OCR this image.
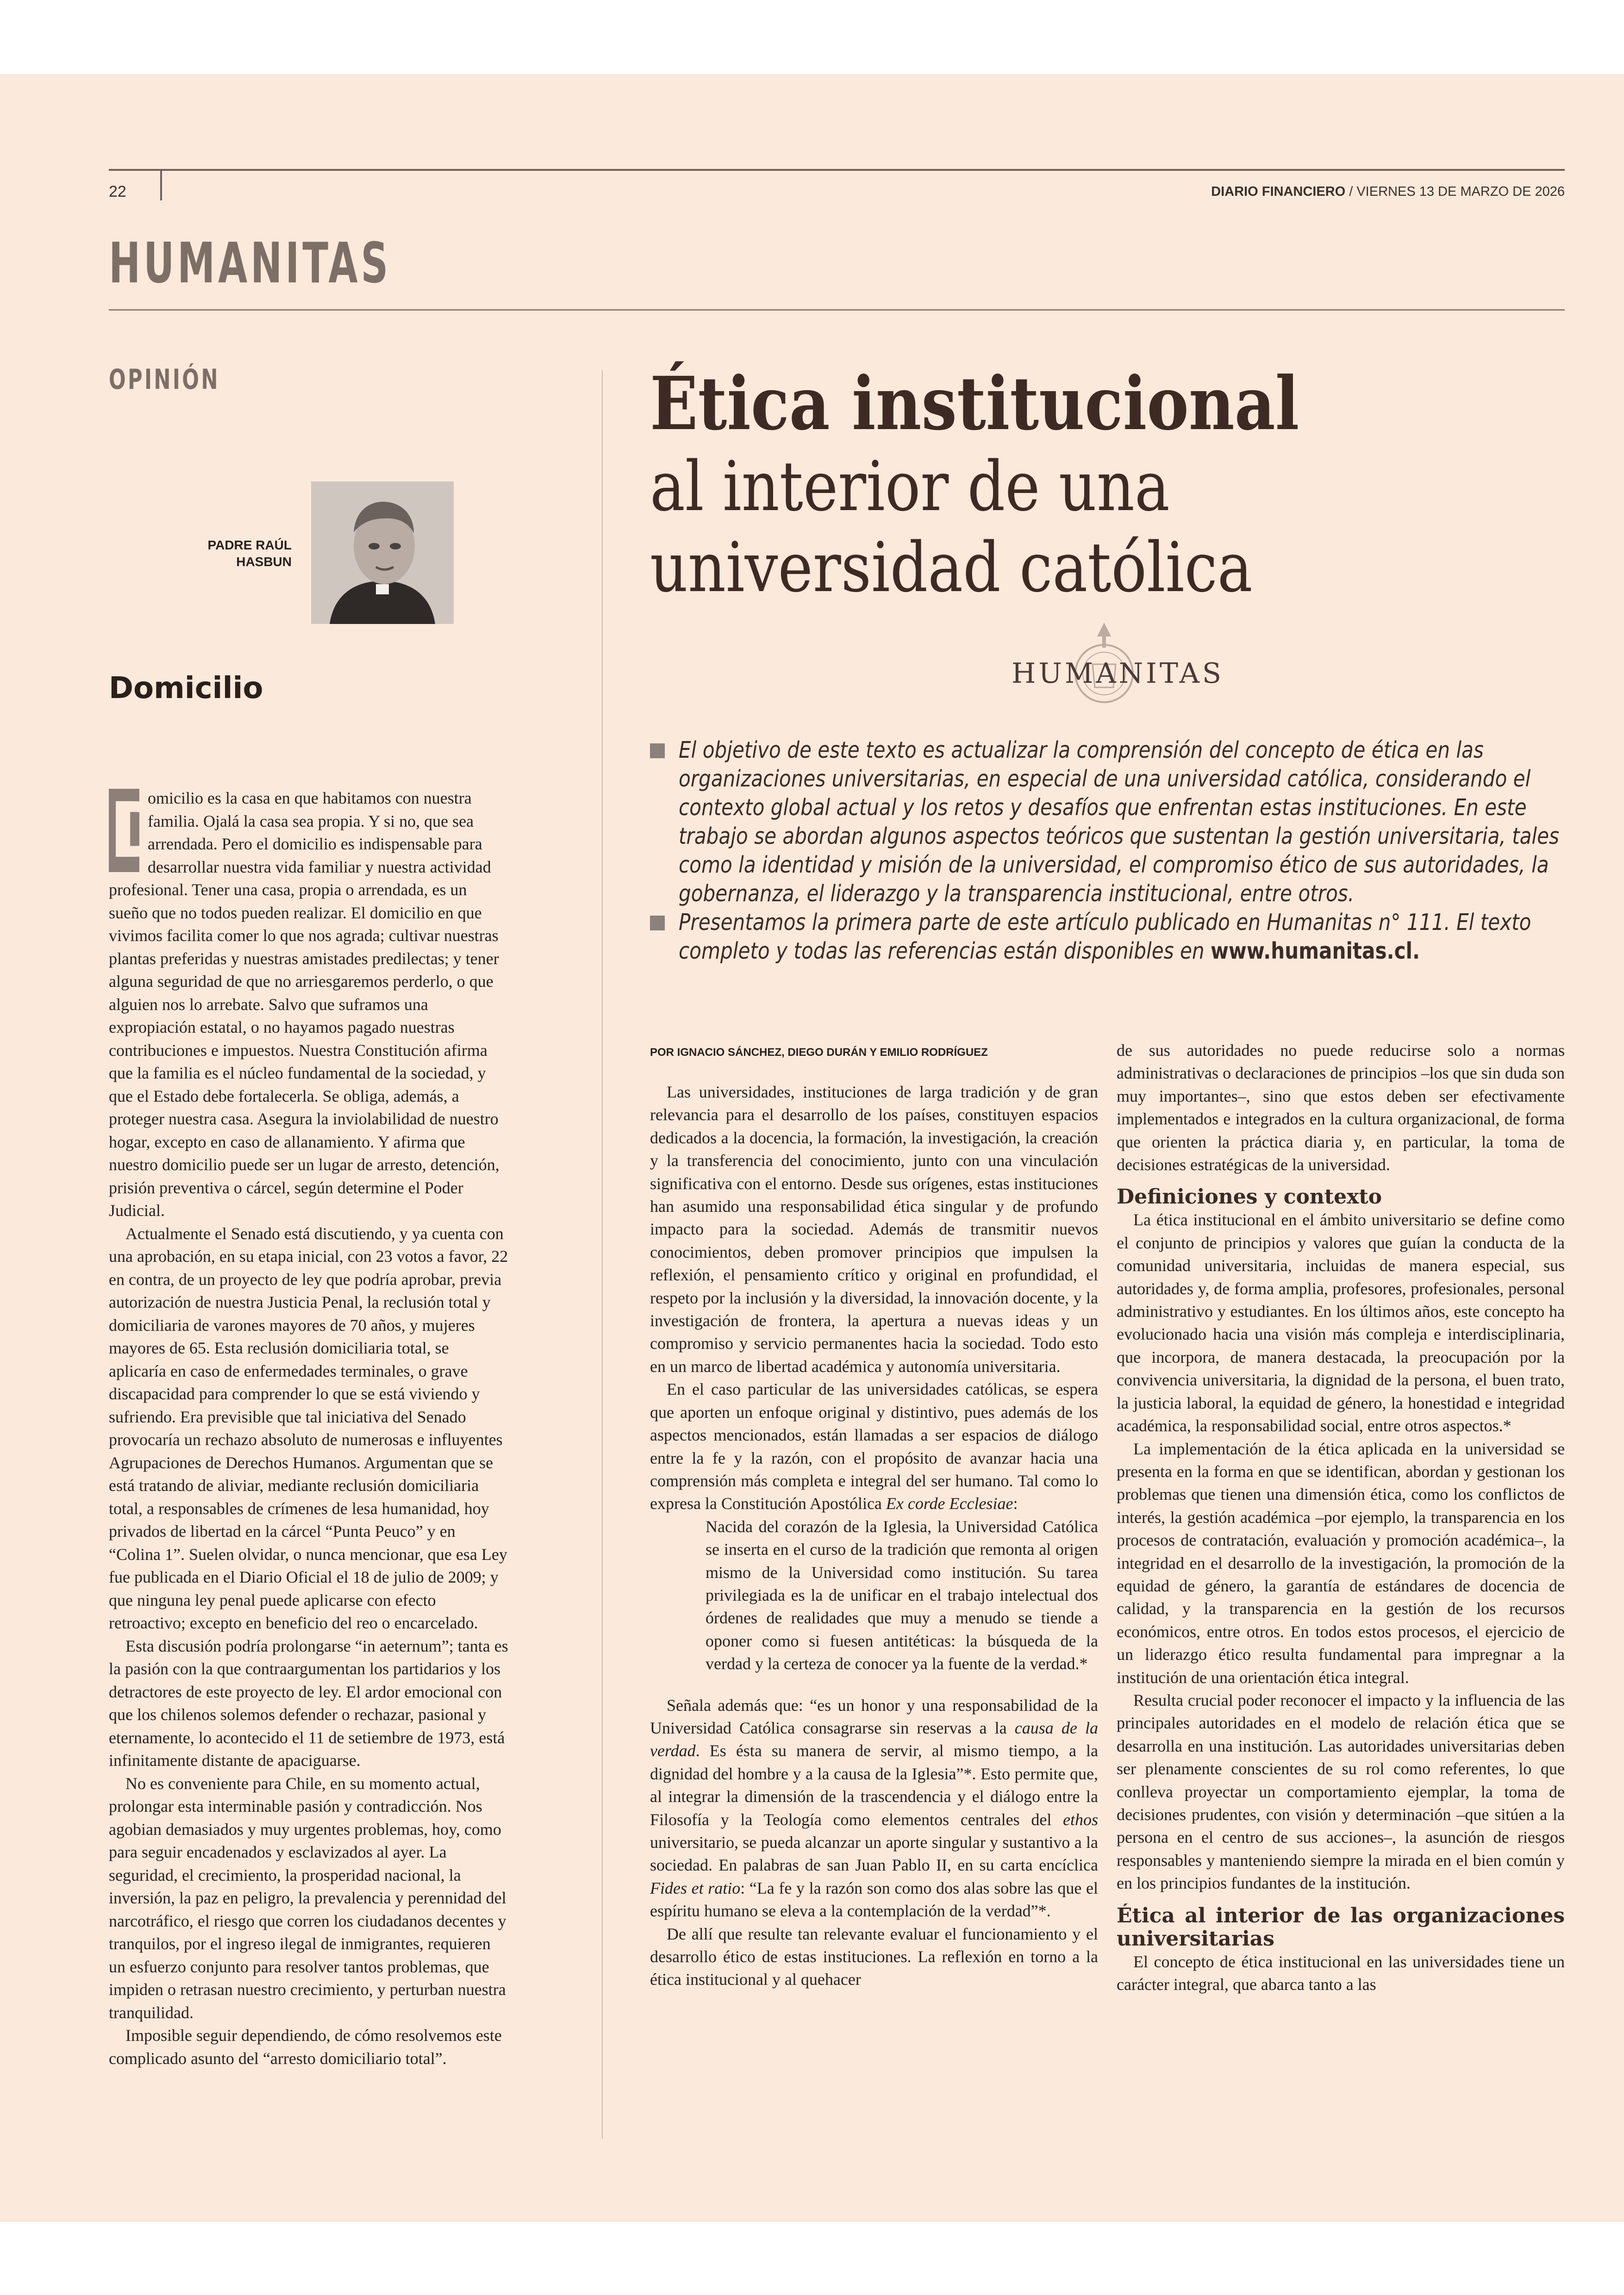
22	DIARIO FINANCIERO / VIERNES 13 DE MARZO DE 2026
HUMANITAS
OPINIÓN
PADRE RAÚL HASBUN
Domicilio

D
omicilio es la casa en que habitamos con nuestra familia. Ojalá la casa sea propia. Y si no, que sea arrendada. Pero el domicilio es indispensable para desarrollar nuestra vida familiar y nuestra actividad profesional. Tener una casa, propia o arrendada, es un sueño que no todos pueden realizar. El domicilio en que vivimos facilita comer lo que nos agrada; cultivar nuestras plantas preferidas y nuestras amistades predilectas; y tener alguna seguridad de que no arriesgaremos perderlo, o que alguien nos lo arrebate. Salvo que suframos una expropiación estatal, o no hayamos pagado nuestras contribuciones e impuestos. Nuestra Constitución afirma que la familia es el núcleo fundamental de la sociedad, y que el Estado debe fortalecerla. Se obliga, además, a proteger nuestra casa. Asegura la inviolabilidad de nuestro hogar, excepto en caso de allanamiento. Y afirma que nuestro domicilio puede ser un lugar de arresto, detención, prisión preventiva o cárcel, según determine el Poder Judicial.

Actualmente el Senado está discutiendo, y ya cuenta con una aprobación, en su etapa inicial, con 23 votos a favor, 22 en contra, de un proyecto de ley que podría aprobar, previa autorización de nuestra Justicia Penal, la reclusión total y domiciliaria de varones mayores de 70 años, y mujeres mayores de 65. Esta reclusión domiciliaria total, se aplicaría en caso de enfermedades terminales, o grave discapacidad para comprender lo que se está viviendo y sufriendo. Era previsible que tal iniciativa del Senado provocaría un rechazo absoluto de numerosas e influyentes Agrupaciones de Derechos Humanos. Argumentan que se está tratando de aliviar, mediante reclusión domiciliaria total, a responsables de crímenes de lesa humanidad, hoy privados de libertad en la cárcel “Punta Peuco” y en “Colina 1”. Suelen olvidar, o nunca mencionar, que esa Ley fue publicada en el Diario Oficial el 18 de julio de 2009; y que ninguna ley penal puede aplicarse con efecto retroactivo; excepto en beneficio del reo o encarcelado.

Esta discusión podría prolongarse “in aeternum”; tanta es la pasión con la que contraargumentan los partidarios y los detractores de este proyecto de ley. El ardor emocional con que los chilenos solemos defender o rechazar, pasional y eternamente, lo acontecido el 11 de setiembre de 1973, está infinitamente distante de apaciguarse.

No es conveniente para Chile, en su momento actual, prolongar esta interminable pasión y contradicción. Nos agobian demasiados y muy urgentes problemas, hoy, como para seguir encadenados y esclavizados al ayer. La seguridad, el crecimiento, la prosperidad nacional, la inversión, la paz en peligro, la prevalencia y perennidad del narcotráfico, el riesgo que corren los ciudadanos decentes y tranquilos, por el ingreso ilegal de inmigrantes, requieren un esfuerzo conjunto para resolver tantos problemas, que impiden o retrasan nuestro crecimiento, y perturban nuestra tranquilidad.

Imposible seguir dependiendo, de cómo resolvemos este complicado asunto del “arresto domiciliario total”.

Ética institucional
al interior de una
universidad católica
HUMANITAS
El objetivo de este texto es actualizar la comprensión del concepto de ética en las organizaciones universitarias, en especial de una universidad católica, considerando el contexto global actual y los retos y desafíos que enfrentan estas instituciones. En este trabajo se abordan algunos aspectos teóricos que sustentan la gestión universitaria, tales como la identidad y misión de la universidad, el compromiso ético de sus autoridades, la gobernanza, el liderazgo y la transparencia institucional, entre otros.
Presentamos la primera parte de este artículo publicado en Humanitas n° 111. El texto completo y todas las referencias están disponibles en www.humanitas.cl.
POR IGNACIO SÁNCHEZ, DIEGO DURÁN Y EMILIO RODRÍGUEZ

Las universidades, instituciones de larga tradición y de gran relevancia para el desarrollo de los países, constituyen espacios dedicados a la docencia, la formación, la investigación, la creación y la transferencia del conocimiento, junto con una vinculación significativa con el entorno. Desde sus orígenes, estas instituciones han asumido una responsabilidad ética singular y de profundo impacto para la sociedad. Además de transmitir nuevos conocimientos, deben promover principios que impulsen la reflexión, el pensamiento crítico y original en profundidad, el respeto por la inclusión y la diversidad, la innovación docente, y la investigación de frontera, la apertura a nuevas ideas y un compromiso y servicio permanentes hacia la sociedad. Todo esto en un marco de libertad académica y autonomía universitaria.

En el caso particular de las universidades católicas, se espera que aporten un enfoque original y distintivo, pues además de los aspectos mencionados, están llamadas a ser espacios de diálogo entre la fe y la razón, con el propósito de avanzar hacia una comprensión más completa e integral del ser humano. Tal como lo expresa la Constitución Apostólica Ex corde Ecclesiae:

Nacida del corazón de la Iglesia, la Universidad Católica se inserta en el curso de la tradición que remonta al origen mismo de la Universidad como institución. Su tarea privilegiada es la de unificar en el trabajo intelectual dos órdenes de realidades que muy a menudo se tiende a oponer como si fuesen antitéticas: la búsqueda de la verdad y la certeza de conocer ya la fuente de la verdad.*

Señala además que: “es un honor y una responsabilidad de la Universidad Católica consagrarse sin reservas a la causa de la verdad. Es ésta su manera de servir, al mismo tiempo, a la dignidad del hombre y a la causa de la Iglesia”*. Esto permite que, al integrar la dimensión de la trascendencia y el diálogo entre la Filosofía y la Teología como elementos centrales del ethos universitario, se pueda alcanzar un aporte singular y sustantivo a la sociedad. En palabras de san Juan Pablo II, en su carta encíclica Fides et ratio: “La fe y la razón son como dos alas sobre las que el espíritu humano se eleva a la contemplación de la verdad”*.

De allí que resulte tan relevante evaluar el funcionamiento y el desarrollo ético de estas instituciones. La reflexión en torno a la ética institucional y al quehacer

de sus autoridades no puede reducirse solo a normas administrativas o declaraciones de principios –los que sin duda son muy importantes–, sino que estos deben ser efectivamente implementados e integrados en la cultura organizacional, de forma que orienten la práctica diaria y, en particular, la toma de decisiones estratégicas de la universidad.

Definiciones y contexto

La ética institucional en el ámbito universitario se define como el conjunto de principios y valores que guían la conducta de la comunidad universitaria, incluidas de manera especial, sus autoridades y, de forma amplia, profesores, profesionales, personal administrativo y estudiantes. En los últimos años, este concepto ha evolucionado hacia una visión más compleja e interdisciplinaria, que incorpora, de manera destacada, la preocupación por la convivencia universitaria, la dignidad de la persona, el buen trato, la justicia laboral, la equidad de género, la honestidad e integridad académica, la responsabilidad social, entre otros aspectos.*

La implementación de la ética aplicada en la universidad se presenta en la forma en que se identifican, abordan y gestionan los problemas que tienen una dimensión ética, como los conflictos de interés, la gestión académica –por ejemplo, la transparencia en los procesos de contratación, evaluación y promoción académica–, la integridad en el desarrollo de la investigación, la promoción de la equidad de género, la garantía de estándares de docencia de calidad, y la transparencia en la gestión de los recursos económicos, entre otros. En todos estos procesos, el ejercicio de un liderazgo ético resulta fundamental para impregnar a la institución de una orientación ética integral.

Resulta crucial poder reconocer el impacto y la influencia de las principales autoridades en el modelo de relación ética que se desarrolla en una institución. Las autoridades universitarias deben ser plenamente conscientes de su rol como referentes, lo que conlleva proyectar un comportamiento ejemplar, la toma de decisiones prudentes, con visión y determinación –que sitúen a la persona en el centro de sus acciones–, la asunción de riesgos responsables y manteniendo siempre la mirada en el bien común y en los principios fundantes de la institución.

Ética al interior de las organizaciones universitarias

El concepto de ética institucional en las universidades tiene un carácter integral, que abarca tanto a las
